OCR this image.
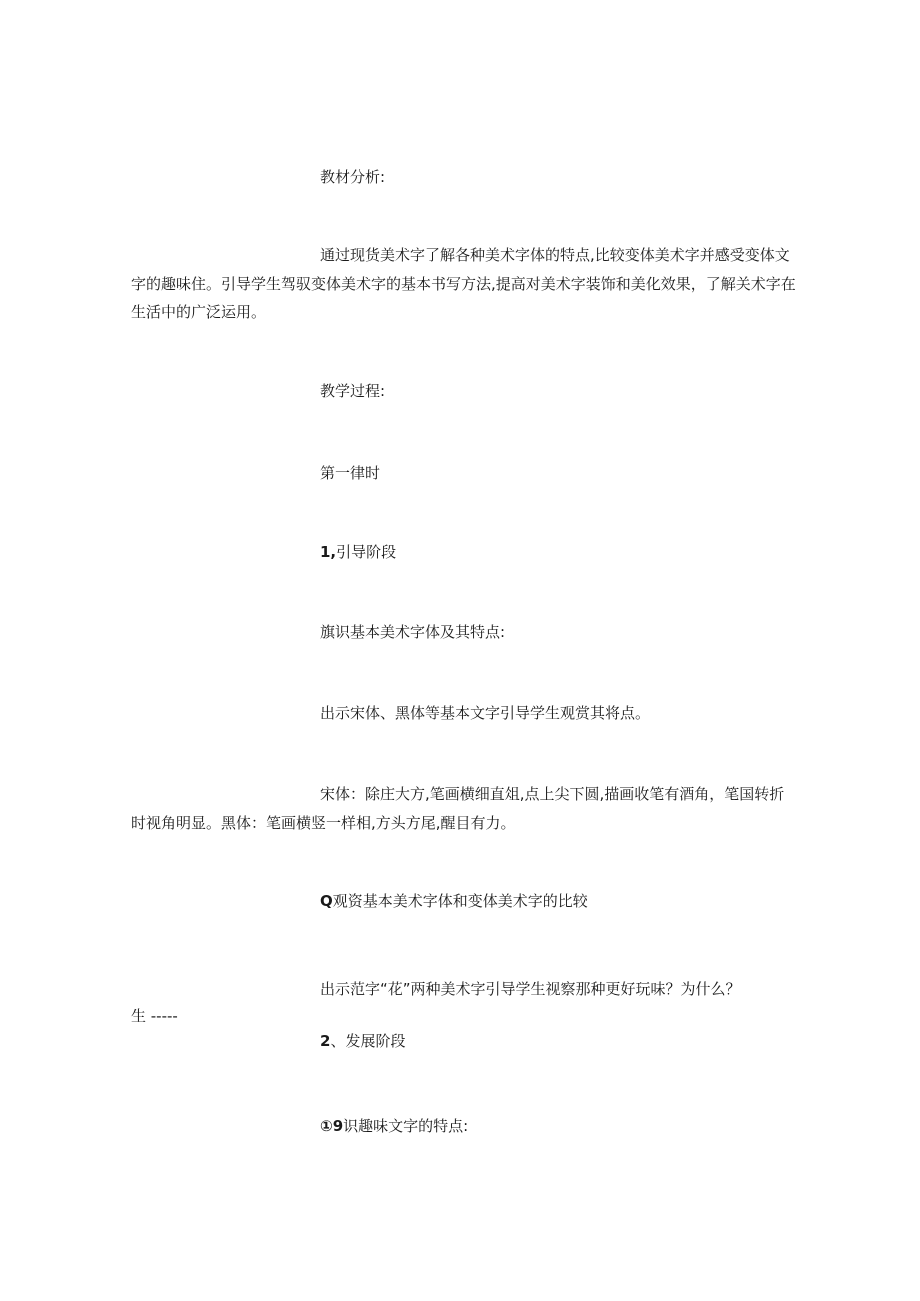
教材分析:
通过现货美术字了解各种美术字体的特点,比较变体美术字并感受变体文
字的趣味住。引导学生驾驭变体美术字的基本书写方法,提高对美术字装饰和美化效果，了解关术字在
生活中的广泛运用。
教学过程:
第一律时
1,引导阶段
旗识基本美术字体及其特点:
出示宋体、黑体等基本文字引导学生观赏其将点。
宋体：除庄大方,笔画横细直俎,点上尖下圆,描画收笔有酒角，笔国转折
时视角明显。黑体：笔画横竖一样相,方头方尾,醒目有力。
Q观资基本美术字体和变体美术字的比较
出示范字“花”两种美术字引导学生视察那种更好玩味？为什么？
生 -----
2、发展阶段
①9识趣味文字的特点:
